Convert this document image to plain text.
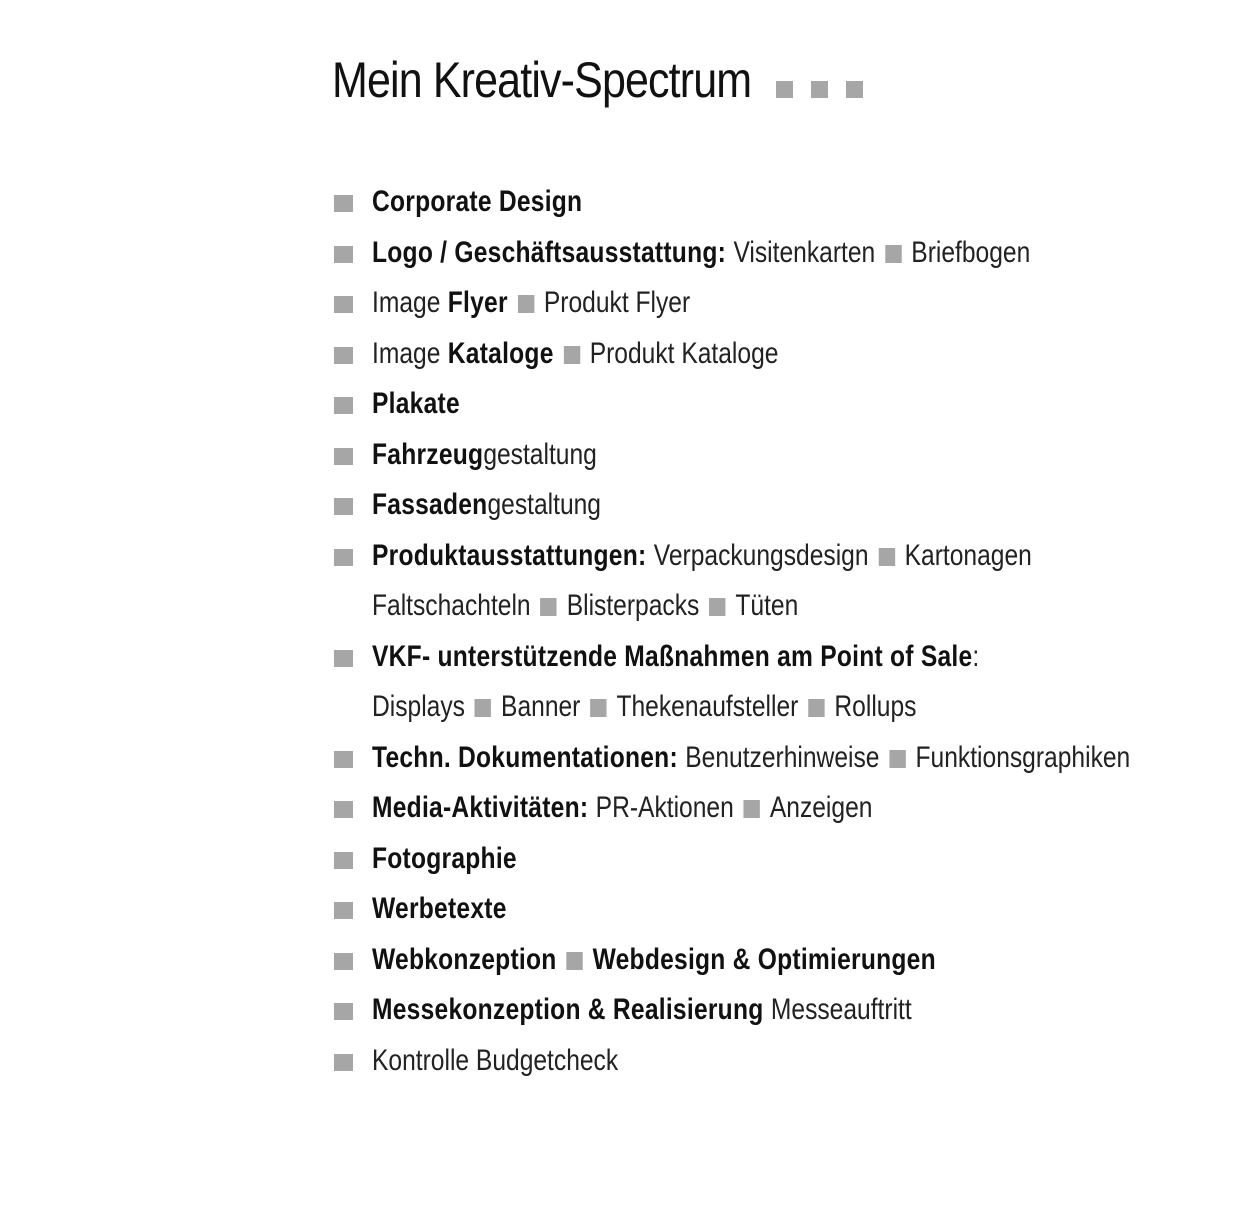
Mein Kreativ-Spectrum
Corporate Design
Logo / Geschäftsausstattung: Visitenkarten Briefbogen
Image Flyer Produkt Flyer
Image Kataloge Produkt Kataloge
Plakate
Fahrzeug gestaltung
Fassaden gestaltung
Produktausstattungen: Verpackungsdesign Kartonagen
Faltschachteln Blisterpacks Tüten
VKF- unterstützende Maßnahmen am Point of Sale :
Displays Banner Thekenaufsteller Rollups
Techn. Dokumentationen: Benutzerhinweise Funktionsgraphiken
Media-Aktivitäten: PR-Aktionen Anzeigen
Fotographie
Werbetexte
Webkonzeption Webdesign & Optimierungen
Messekonzeption & Realisierung Messeauftritt
Kontrolle Budgetcheck
